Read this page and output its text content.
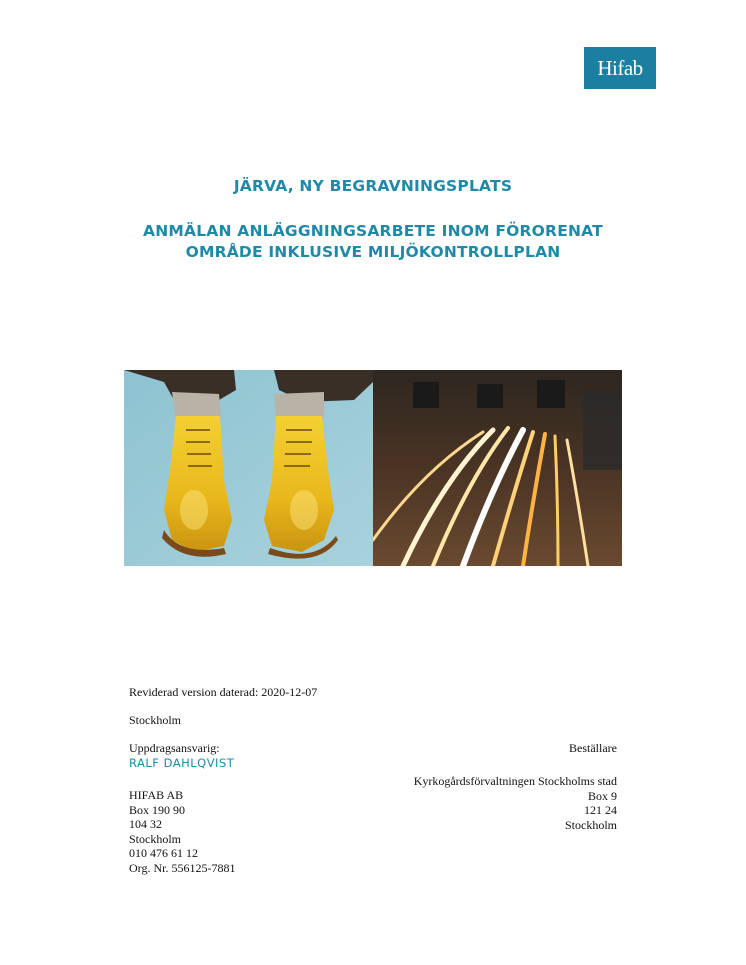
Hifab
JÄRVA, NY BEGRAVNINGSPLATS
ANMÄLAN ANLÄGGNINGSARBETE INOM FÖRORENAT
OMRÅDE INKLUSIVE MILJÖKONTROLLPLAN
Reviderad version daterad: 2020-12-07
Stockholm
Uppdragsansvarig:
RALF DAHLQVIST
HIFAB AB
Box 190 90
104 32
Stockholm
010 476 61 12
Org. Nr. 556125-7881
Beställare
Kyrkogårdsförvaltningen Stockholms stad
Box 9
121 24
Stockholm
